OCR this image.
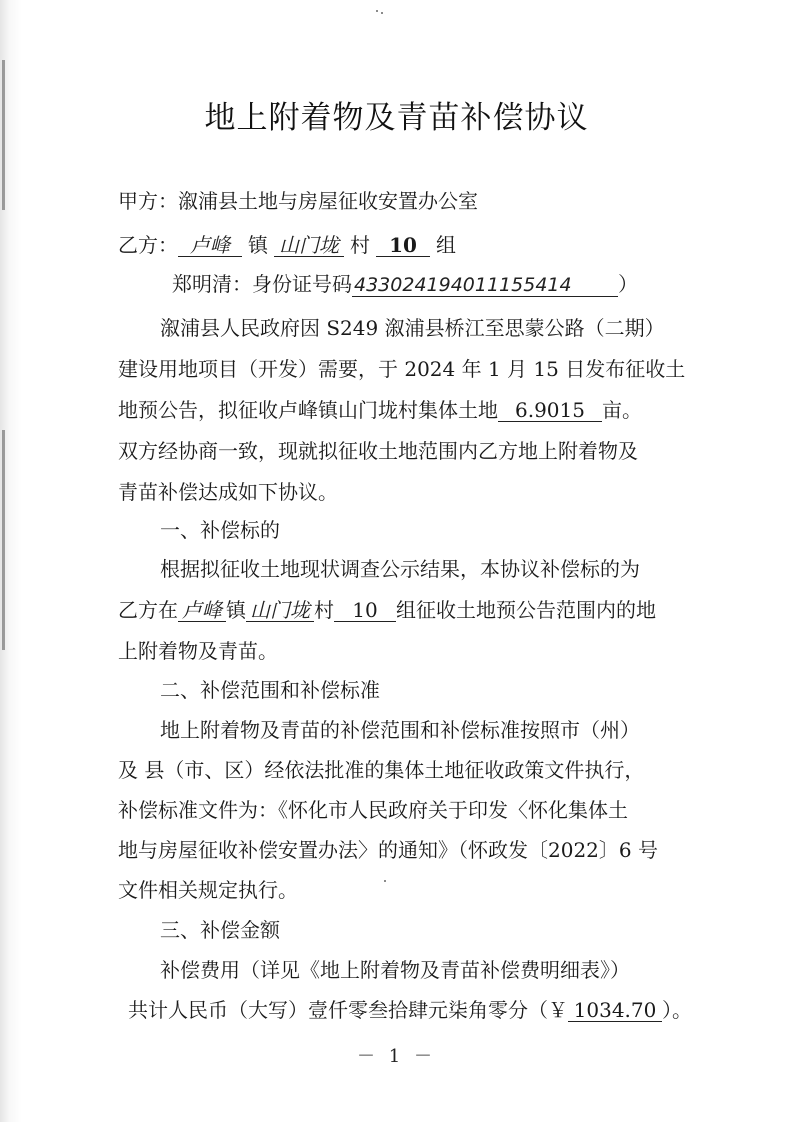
地上附着物及青苗补偿协议
甲方：溆浦县土地与房屋征收安置办公室
乙方： 卢峰 镇 山门垅 村 10 组
郑明清：身份证号码 433024194011155414 ）
溆浦县人民政府因 S249 溆浦县桥江至思蒙公路（二期）
建设用地项目（开发）需要，于 2024 年 1 月 15 日发布征收土
地预公告，拟征收卢峰镇山门垅村集体土地 6.9015 亩。
双方经协商一致，现就拟征收土地范围内乙方地上附着物及
青苗补偿达成如下协议。
一、补偿标的
根据拟征收土地现状调查公示结果，本协议补偿标的为
乙方在 卢峰 镇 山门垅 村 10 组征收土地预公告范围内的地
上附着物及青苗。
二、补偿范围和补偿标准
地上附着物及青苗的补偿范围和补偿标准按照市（州）
及 县（市、区）经依法批准的集体土地征收政策文件执行，
补偿标准文件为：《怀化市人民政府关于印发〈怀化集体土
地与房屋征收补偿安置办法〉的通知》（怀政发〔2022〕6 号
文件相关规定执行。
三、补偿金额
补偿费用（详见《地上附着物及青苗补偿费明细表》）
共计人民币（大写）壹仟零叁拾肆元柒角零分（￥ 1034.70 ）。
－ 1 －
